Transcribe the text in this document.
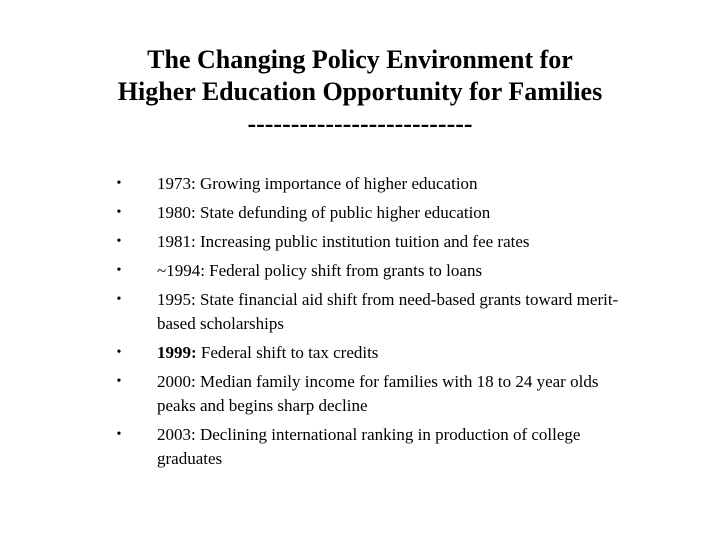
The Changing Policy Environment for
Higher Education Opportunity for Families
--------------------------
• 1973: Growing importance of higher education
• 1980: State defunding of public higher education
• 1981: Increasing public institution tuition and fee rates
• ~1994: Federal policy shift from grants to loans
• 1995: State financial aid shift from need-based grants toward merit-based scholarships
• 1999: Federal shift to tax credits
• 2000: Median family income for families with 18 to 24 year olds peaks and begins sharp decline
• 2003: Declining international ranking in production of college graduates
